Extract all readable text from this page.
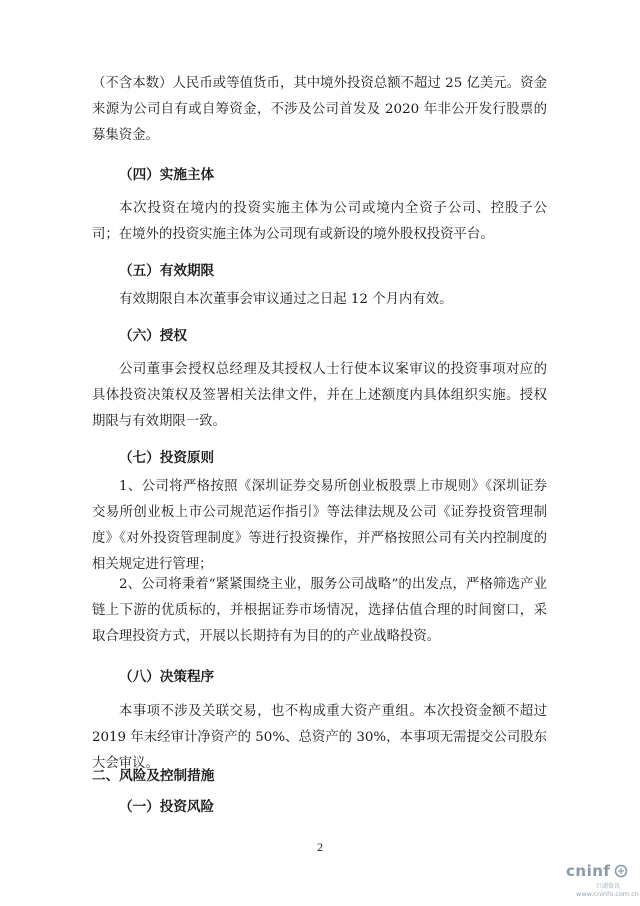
（不含本数）人民币或等值货币，其中境外投资总额不超过 25 亿美元。资金来源为公司自有或自筹资金，不涉及公司首发及 2020 年非公开发行股票的募集资金。

（四）实施主体

本次投资在境内的投资实施主体为公司或境内全资子公司、控股子公司；在境外的投资实施主体为公司现有或新设的境外股权投资平台。

（五）有效期限

有效期限自本次董事会审议通过之日起 12 个月内有效。

（六）授权

公司董事会授权总经理及其授权人士行使本议案审议的投资事项对应的具体投资决策权及签署相关法律文件，并在上述额度内具体组织实施。授权期限与有效期限一致。

（七）投资原则

1、公司将严格按照《深圳证券交易所创业板股票上市规则》《深圳证券交易所创业板上市公司规范运作指引》等法律法规及公司《证券投资管理制度》《对外投资管理制度》等进行投资操作，并严格按照公司有关内控制度的相关规定进行管理；

2、公司将秉着“紧紧围绕主业，服务公司战略”的出发点，严格筛选产业链上下游的优质标的，并根据证券市场情况，选择估值合理的时间窗口，采取合理投资方式，开展以长期持有为目的的产业战略投资。

（八）决策程序

本事项不涉及关联交易，也不构成重大资产重组。本次投资金额不超过 2019 年末经审计净资产的 50%、总资产的 30%，本事项无需提交公司股东大会审议。

二、风险及控制措施

（一）投资风险

2
cninf
巨潮资讯
www.cninfo.com.cn
